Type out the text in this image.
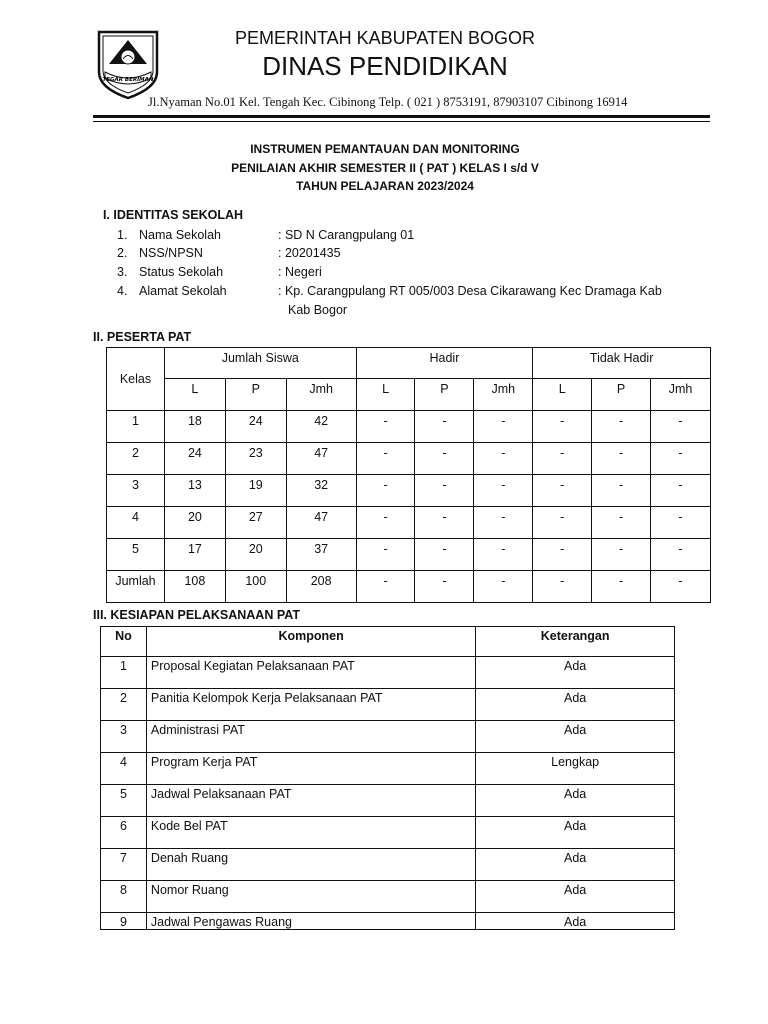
TEGAR BERIMAN
PEMERINTAH KABUPATEN BOGOR
DINAS PENDIDIKAN
Jl.Nyaman No.01 Kel. Tengah Kec. Cibinong Telp. ( 021 ) 8753191, 87903107 Cibinong 16914
INSTRUMEN PEMANTAUAN DAN MONITORING
PENILAIAN AKHIR SEMESTER II ( PAT ) KELAS I s/d V
TAHUN PELAJARAN 2023/2024
I. IDENTITAS SEKOLAH
1. Nama Sekolah	: SD N Carangpulang 01
2. NSS/NPSN	: 20201435
3. Status Sekolah	: Negeri
4. Alamat Sekolah	: Kp. Carangpulang RT 005/003 Desa Cikarawang Kec Dramaga Kab
Kab Bogor
II. PESERTA PAT
Kelas	Jumlah Siswa			Hadir			Tidak Hadir		
	L	P	Jmh	L	P	Jmh	L	P	Jmh
1	18	24	42	-	-	-	-	-	-
2	24	23	47	-	-	-	-	-	-
3	13	19	32	-	-	-	-	-	-
4	20	27	47	-	-	-	-	-	-
5	17	20	37	-	-	-	-	-	-
Jumlah	108	100	208	-	-	-	-	-	-
III. KESIAPAN PELAKSANAAN PAT
No	Komponen	Keterangan
1	Proposal Kegiatan Pelaksanaan PAT	Ada
2	Panitia Kelompok Kerja Pelaksanaan PAT	Ada
3	Administrasi PAT	Ada
4	Program Kerja PAT	Lengkap
5	Jadwal Pelaksanaan PAT	Ada
6	Kode Bel PAT	Ada
7	Denah Ruang	Ada
8	Nomor Ruang	Ada
9	Jadwal Pengawas Ruang	Ada
